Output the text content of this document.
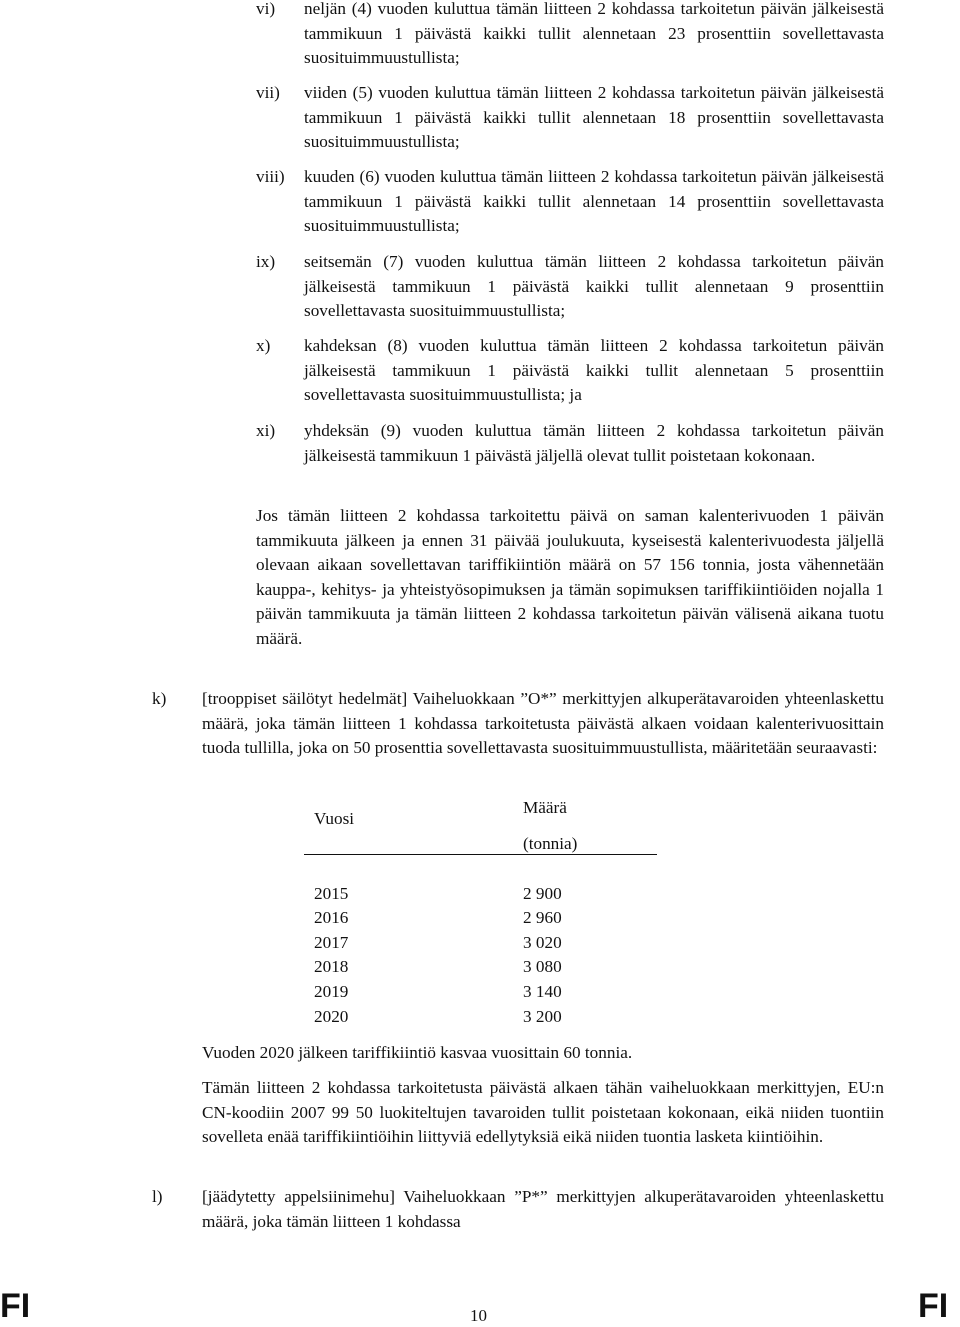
vi) neljän (4) vuoden kuluttua tämän liitteen 2 kohdassa tarkoitetun päivän jälkeisestä tammikuun 1 päivästä kaikki tullit alennetaan 23 prosenttiin sovellettavasta suosituimmuustullista;

vii) viiden (5) vuoden kuluttua tämän liitteen 2 kohdassa tarkoitetun päivän jälkeisestä tammikuun 1 päivästä kaikki tullit alennetaan 18 prosenttiin sovellettavasta suosituimmuustullista;

viii) kuuden (6) vuoden kuluttua tämän liitteen 2 kohdassa tarkoitetun päivän jälkeisestä tammikuun 1 päivästä kaikki tullit alennetaan 14 prosenttiin sovellettavasta suosituimmuustullista;

ix) seitsemän (7) vuoden kuluttua tämän liitteen 2 kohdassa tarkoitetun päivän jälkeisestä tammikuun 1 päivästä kaikki tullit alennetaan 9 prosenttiin sovellettavasta suosituimmuustullista;

x) kahdeksan (8) vuoden kuluttua tämän liitteen 2 kohdassa tarkoitetun päivän jälkeisestä tammikuun 1 päivästä kaikki tullit alennetaan 5 prosenttiin sovellettavasta suosituimmuustullista; ja

xi) yhdeksän (9) vuoden kuluttua tämän liitteen 2 kohdassa tarkoitetun päivän jälkeisestä tammikuun 1 päivästä jäljellä olevat tullit poistetaan kokonaan.

Jos tämän liitteen 2 kohdassa tarkoitettu päivä on saman kalenterivuoden 1 päivän tammikuuta jälkeen ja ennen 31 päivää joulukuuta, kyseisestä kalenterivuodesta jäljellä olevaan aikaan sovellettavan tariffikiintiön määrä on 57 156 tonnia, josta vähennetään kauppa-, kehitys- ja yhteistyösopimuksen ja tämän sopimuksen tariffikiintiöiden nojalla 1 päivän tammikuuta ja tämän liitteen 2 kohdassa tarkoitetun päivän välisenä aikana tuotu määrä.

k) [trooppiset säilötyt hedelmät] Vaiheluokkaan ”O*” merkittyjen alkuperätavaroiden yhteenlaskettu määrä, joka tämän liitteen 1 kohdassa tarkoitetusta päivästä alkaen voidaan kalenterivuosittain tuoda tullilla, joka on 50 prosenttia sovellettavasta suosituimmuustullista, määritetään seuraavasti:

Vuosi
Määrä
(tonnia)
2015	2 900
2016	2 960
2017	3 020
2018	3 080
2019	3 140
2020	3 200

Vuoden 2020 jälkeen tariffikiintiö kasvaa vuosittain 60 tonnia.

Tämän liitteen 2 kohdassa tarkoitetusta päivästä alkaen tähän vaiheluokkaan merkittyjen, EU:n CN-koodiin 2007 99 50 luokiteltujen tavaroiden tullit poistetaan kokonaan, eikä niiden tuontiin sovelleta enää tariffikiintiöihin liittyviä edellytyksiä eikä niiden tuontia lasketa kiintiöihin.

l) [jäädytetty appelsiinimehu] Vaiheluokkaan ”P*” merkittyjen alkuperätavaroiden yhteenlaskettu määrä, joka tämän liitteen 1 kohdassa

FI	10	FI
